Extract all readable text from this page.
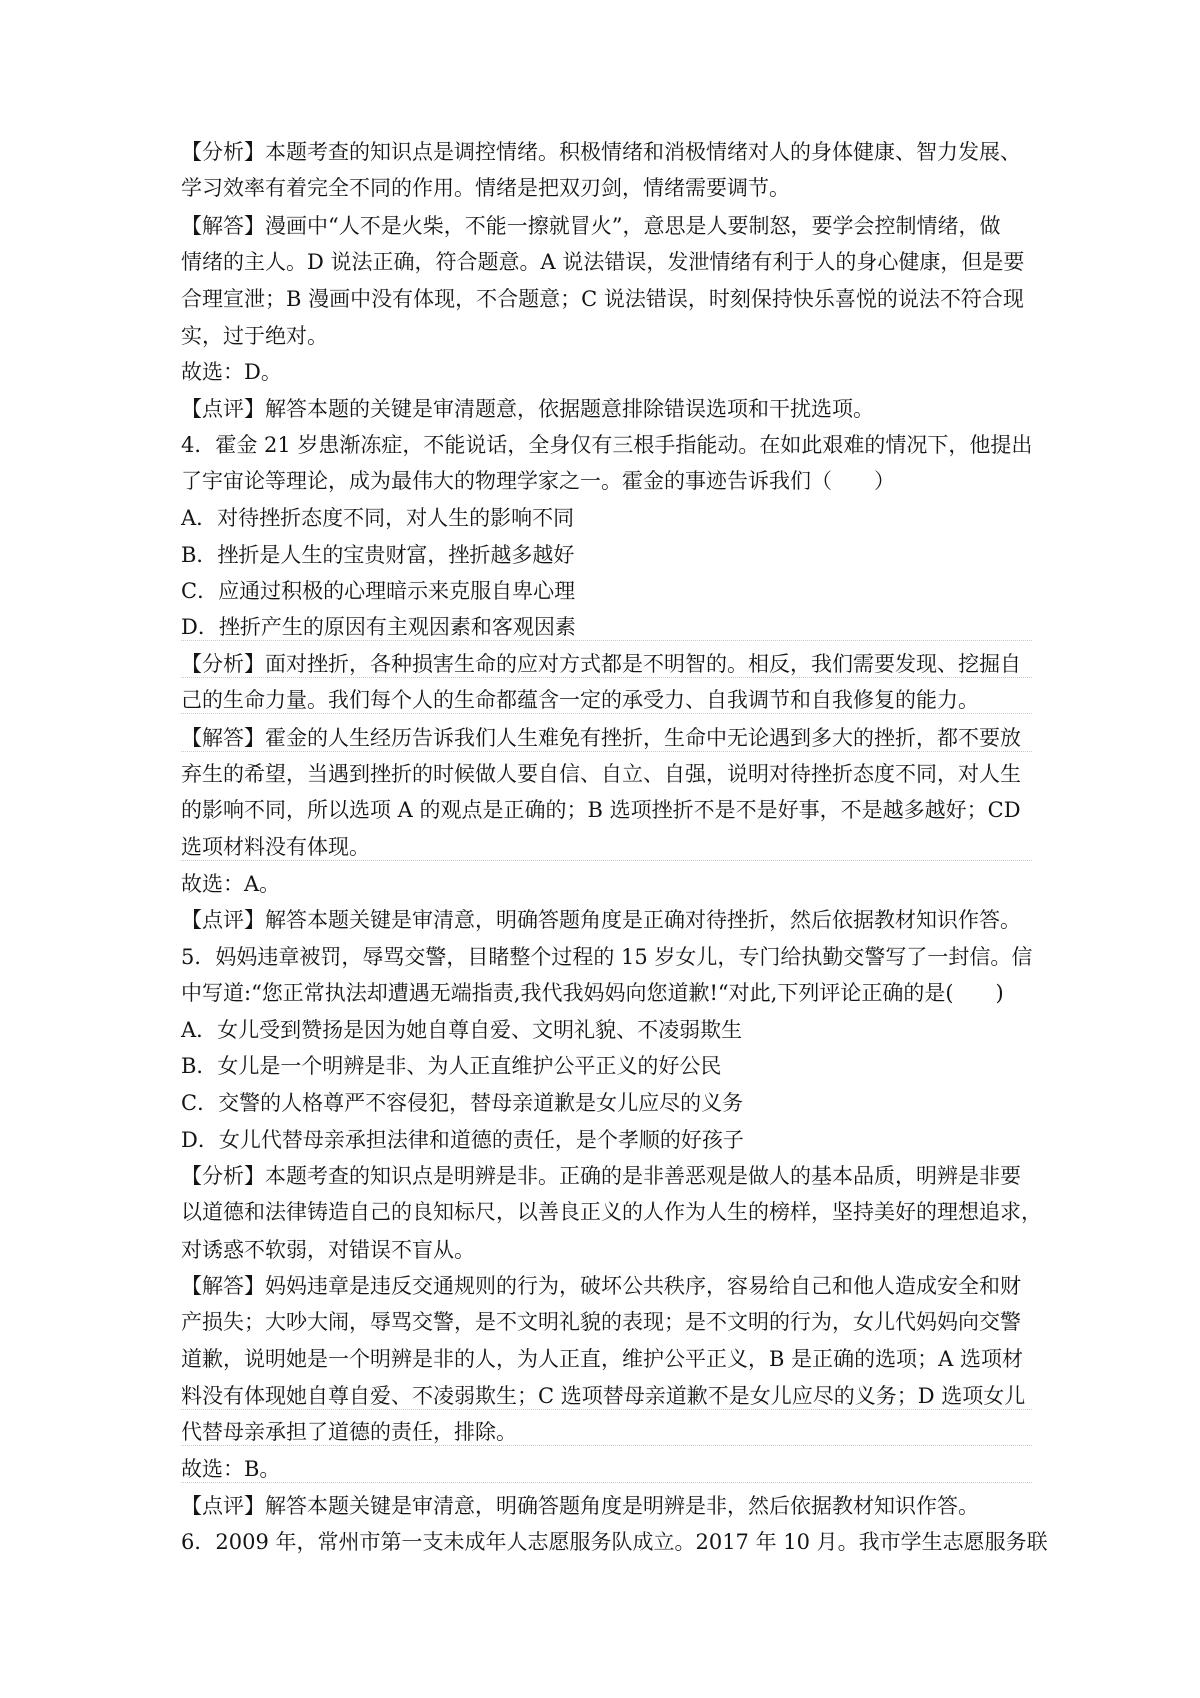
【分析】本题考查的知识点是调控情绪。积极情绪和消极情绪对人的身体健康、智力发展、
学习效率有着完全不同的作用。情绪是把双刃剑，情绪需要调节。
【解答】漫画中“人不是火柴，不能一擦就冒火”，意思是人要制怒，要学会控制情绪，做
情绪的主人。D 说法正确，符合题意。A 说法错误，发泄情绪有利于人的身心健康，但是要
合理宣泄；B 漫画中没有体现，不合题意；C 说法错误，时刻保持快乐喜悦的说法不符合现
实，过于绝对。
故选：D。
【点评】解答本题的关键是审清题意，依据题意排除错误选项和干扰选项。
4．霍金 21 岁患渐冻症，不能说话，全身仅有三根手指能动。在如此艰难的情况下，他提出
了宇宙论等理论，成为最伟大的物理学家之一。霍金的事迹告诉我们（　　）
A．对待挫折态度不同，对人生的影响不同
B．挫折是人生的宝贵财富，挫折越多越好
C．应通过积极的心理暗示来克服自卑心理
D．挫折产生的原因有主观因素和客观因素
【分析】面对挫折，各种损害生命的应对方式都是不明智的。相反，我们需要发现、挖掘自
己的生命力量。我们每个人的生命都蕴含一定的承受力、自我调节和自我修复的能力。
【解答】霍金的人生经历告诉我们人生难免有挫折，生命中无论遇到多大的挫折，都不要放
弃生的希望，当遇到挫折的时候做人要自信、自立、自强，说明对待挫折态度不同，对人生
的影响不同，所以选项 A 的观点是正确的；B 选项挫折不是不是好事，不是越多越好；CD
选项材料没有体现。
故选：A。
【点评】解答本题关键是审清意，明确答题角度是正确对待挫折，然后依据教材知识作答。
5．妈妈违章被罚，辱骂交警，目睹整个过程的 15 岁女儿，专门给执勤交警写了一封信。信
中写道:“您正常执法却遭遇无端指责,我代我妈妈向您道歉!“对此,下列评论正确的是(　　)
A．女儿受到赞扬是因为她自尊自爱、文明礼貌、不凌弱欺生
B．女儿是一个明辨是非、为人正直维护公平正义的好公民
C．交警的人格尊严不容侵犯，替母亲道歉是女儿应尽的义务
D．女儿代替母亲承担法律和道德的责任，是个孝顺的好孩子
【分析】本题考查的知识点是明辨是非。正确的是非善恶观是做人的基本品质，明辨是非要
以道德和法律铸造自己的良知标尺，以善良正义的人作为人生的榜样，坚持美好的理想追求，
对诱惑不软弱，对错误不盲从。
【解答】妈妈违章是违反交通规则的行为，破坏公共秩序，容易给自己和他人造成安全和财
产损失；大吵大闹，辱骂交警，是不文明礼貌的表现；是不文明的行为，女儿代妈妈向交警
道歉，说明她是一个明辨是非的人，为人正直，维护公平正义，B 是正确的选项；A 选项材
料没有体现她自尊自爱、不凌弱欺生；C 选项替母亲道歉不是女儿应尽的义务；D 选项女儿
代替母亲承担了道德的责任，排除。
故选：B。
【点评】解答本题关键是审清意，明确答题角度是明辨是非，然后依据教材知识作答。
6．2009 年，常州市第一支未成年人志愿服务队成立。2017 年 10 月。我市学生志愿服务联
